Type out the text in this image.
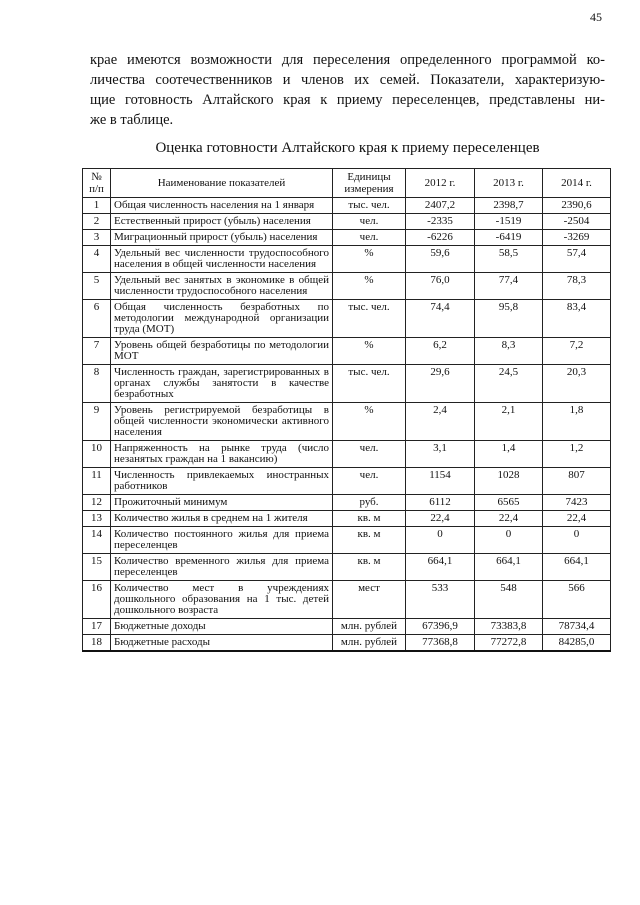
45
крае имеются возможности для переселения определенного программой ко-
личества соотечественников и членов их семей. Показатели, характеризую-
щие готовность Алтайского края к приему переселенцев, представлены ни-
же в таблице.
Оценка готовности Алтайского края к приему переселенцев
№ п/п	Наименование показателей	Единицы измерения	2012 г.	2013 г.	2014 г.
1	Общая численность населения на 1 января	тыс. чел.	2407,2	2398,7	2390,6
2	Естественный прирост (убыль) населения	чел.	-2335	-1519	-2504
3	Миграционный прирост (убыль) населения	чел.	-6226	-6419	-3269
4	Удельный вес численности трудоспособного населения в общей численности населения	%	59,6	58,5	57,4
5	Удельный вес занятых в экономике в общей численности трудоспособного населения	%	76,0	77,4	78,3
6	Общая численность безработных по методологии международной организации труда (МОТ)	тыс. чел.	74,4	95,8	83,4
7	Уровень общей безработицы по методологии МОТ	%	6,2	8,3	7,2
8	Численность граждан, зарегистрированных в органах службы занятости в качестве безработных	тыс. чел.	29,6	24,5	20,3
9	Уровень регистрируемой безработицы в общей численности экономически активного населения	%	2,4	2,1	1,8
10	Напряженность на рынке труда (число незанятых граждан на 1 вакансию)	чел.	3,1	1,4	1,2
11	Численность привлекаемых иностранных работников	чел.	1154	1028	807
12	Прожиточный минимум	руб.	6112	6565	7423
13	Количество жилья в среднем на 1 жителя	кв. м	22,4	22,4	22,4
14	Количество постоянного жилья для приема переселенцев	кв. м	0	0	0
15	Количество временного жилья для приема переселенцев	кв. м	664,1	664,1	664,1
16	Количество мест в учреждениях дошкольного образования на 1 тыс. детей дошкольного возраста	мест	533	548	566
17	Бюджетные доходы	млн. рублей	67396,9	73383,8	78734,4
18	Бюджетные расходы	млн. рублей	77368,8	77272,8	84285,0
